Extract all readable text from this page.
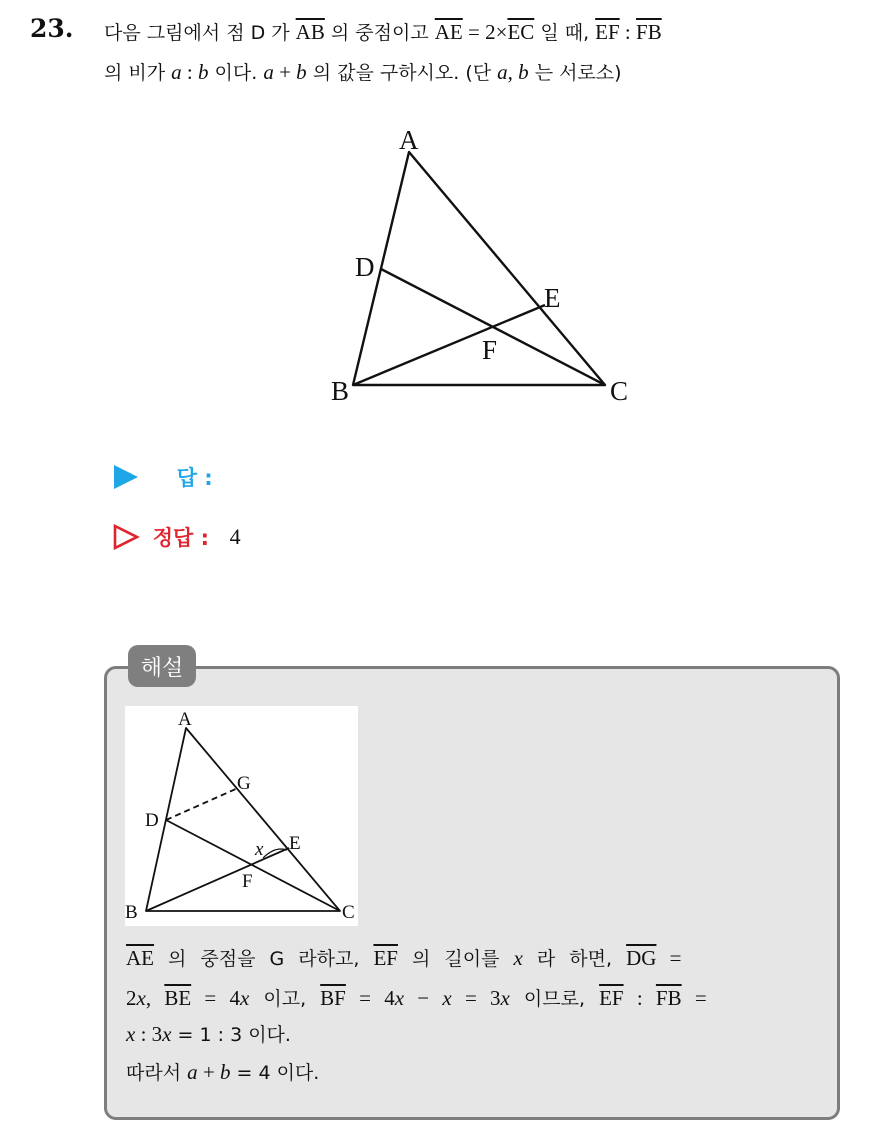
23. 다음 그림에서 점 D 가 $\overline{AB}$ 의 중점이고 $\overline{AE} = 2\times\overline{EC}$ 일 때, $\overline{EF}$ : $\overline{FB}$
의 비가 a : b 이다. a + b 의 값을 구하시오. (단 a, b 는 서로소)
A
B	C
D
E
F
답 :
정답 : 4
해설
A
G
D
x E
F
B	C
$\overline{AE}$ 의 중점을 G 라하고, $\overline{EF}$ 의 길이를 x 라 하면, $\overline{DG}$ =
2x, $\overline{BE} = 4x$ 이고, $\overline{BF} = 4x - x = 3x$ 이므로, $\overline{EF}$ : $\overline{FB}$ =
x : 3x = 1 : 3 이다.
따라서 a + b = 4 이다.
